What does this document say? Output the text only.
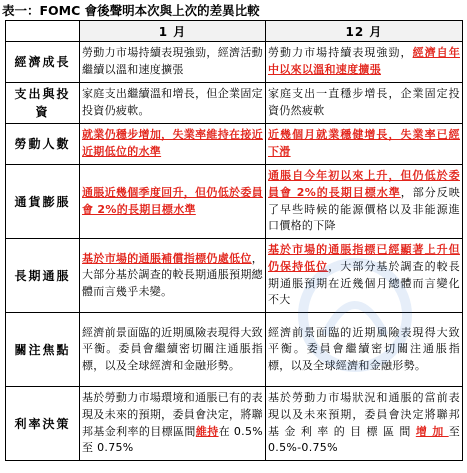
表一：FOMC 會後聲明本次與上次的差異比較
	1 月	12 月
經濟成長	勞動力市場持續表現強勁，經濟活動繼續以溫和速度擴張	勞動力市場持續表現強勁，經濟自年中以來以溫和速度擴張
支出與投資	家庭支出繼續溫和增長，但企業固定投資仍疲軟。	家庭支出一直穩步增長，企業固定投資仍然疲軟
勞動人數	就業仍穩步增加，失業率維持在接近近期低位的水準	近幾個月就業穩健增長，失業率已經下滑
通貨膨脹	通脹近幾個季度回升，但仍低於委員會 2%的長期目標水準	通脹自今年初以來上升，但仍低於委員會 2%的長期目標水準，部分反映了早些時候的能源價格以及非能源進口價格的下降
長期通脹	基於市場的通脹補償指標仍處低位，大部分基於調查的較長期通脹預期總體而言幾乎未變。	基於市場的通脹指標已經顯著上升但仍保持低位，大部分基於調查的較長期通脹預期在近幾個月總體而言變化不大
關注焦點	經濟前景面臨的近期風險表現得大致平衡。委員會繼續密切關注通脹指標，以及全球經濟和金融形勢。	經濟前景面臨的近期風險表現得大致平衡。委員會繼續密切關注通脹指標，以及全球經濟和金融形勢。
利率決策	基於勞動力市場環境和通脹已有的表現及未來的預期，委員會決定，將聯邦基金利率的目標區間維持在 0.5%至 0.75%	基於勞動力市場狀況和通脹的當前表現以及未來預期，委員會決定將聯邦基金利率的目標區間增加至 0.5%-0.75%
